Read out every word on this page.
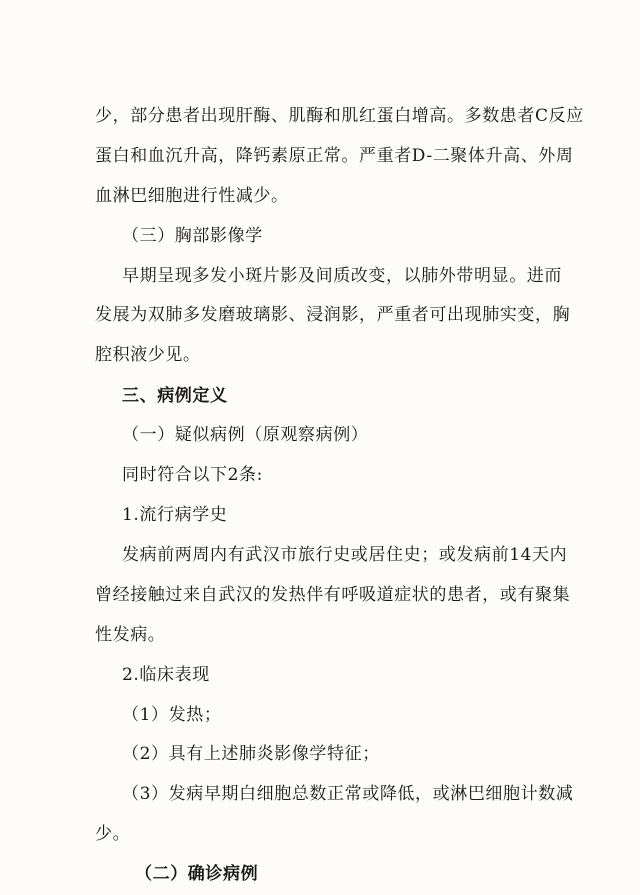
少，部分患者出现肝酶、肌酶和肌红蛋白增高。多数患者C反应
蛋白和血沉升高，降钙素原正常。严重者D-二聚体升高、外周
血淋巴细胞进行性减少。
（三）胸部影像学
早期呈现多发小斑片影及间质改变，以肺外带明显。进而
发展为双肺多发磨玻璃影、浸润影，严重者可出现肺实变，胸
腔积液少见。
三、病例定义
（一）疑似病例（原观察病例）
同时符合以下2条:
1.流行病学史
发病前两周内有武汉市旅行史或居住史；或发病前14天内
曾经接触过来自武汉的发热伴有呼吸道症状的患者，或有聚集
性发病。
2.临床表现
（1）发热；
（2）具有上述肺炎影像学特征；
（3）发病早期白细胞总数正常或降低，或淋巴细胞计数减
少。
（二）确诊病例
